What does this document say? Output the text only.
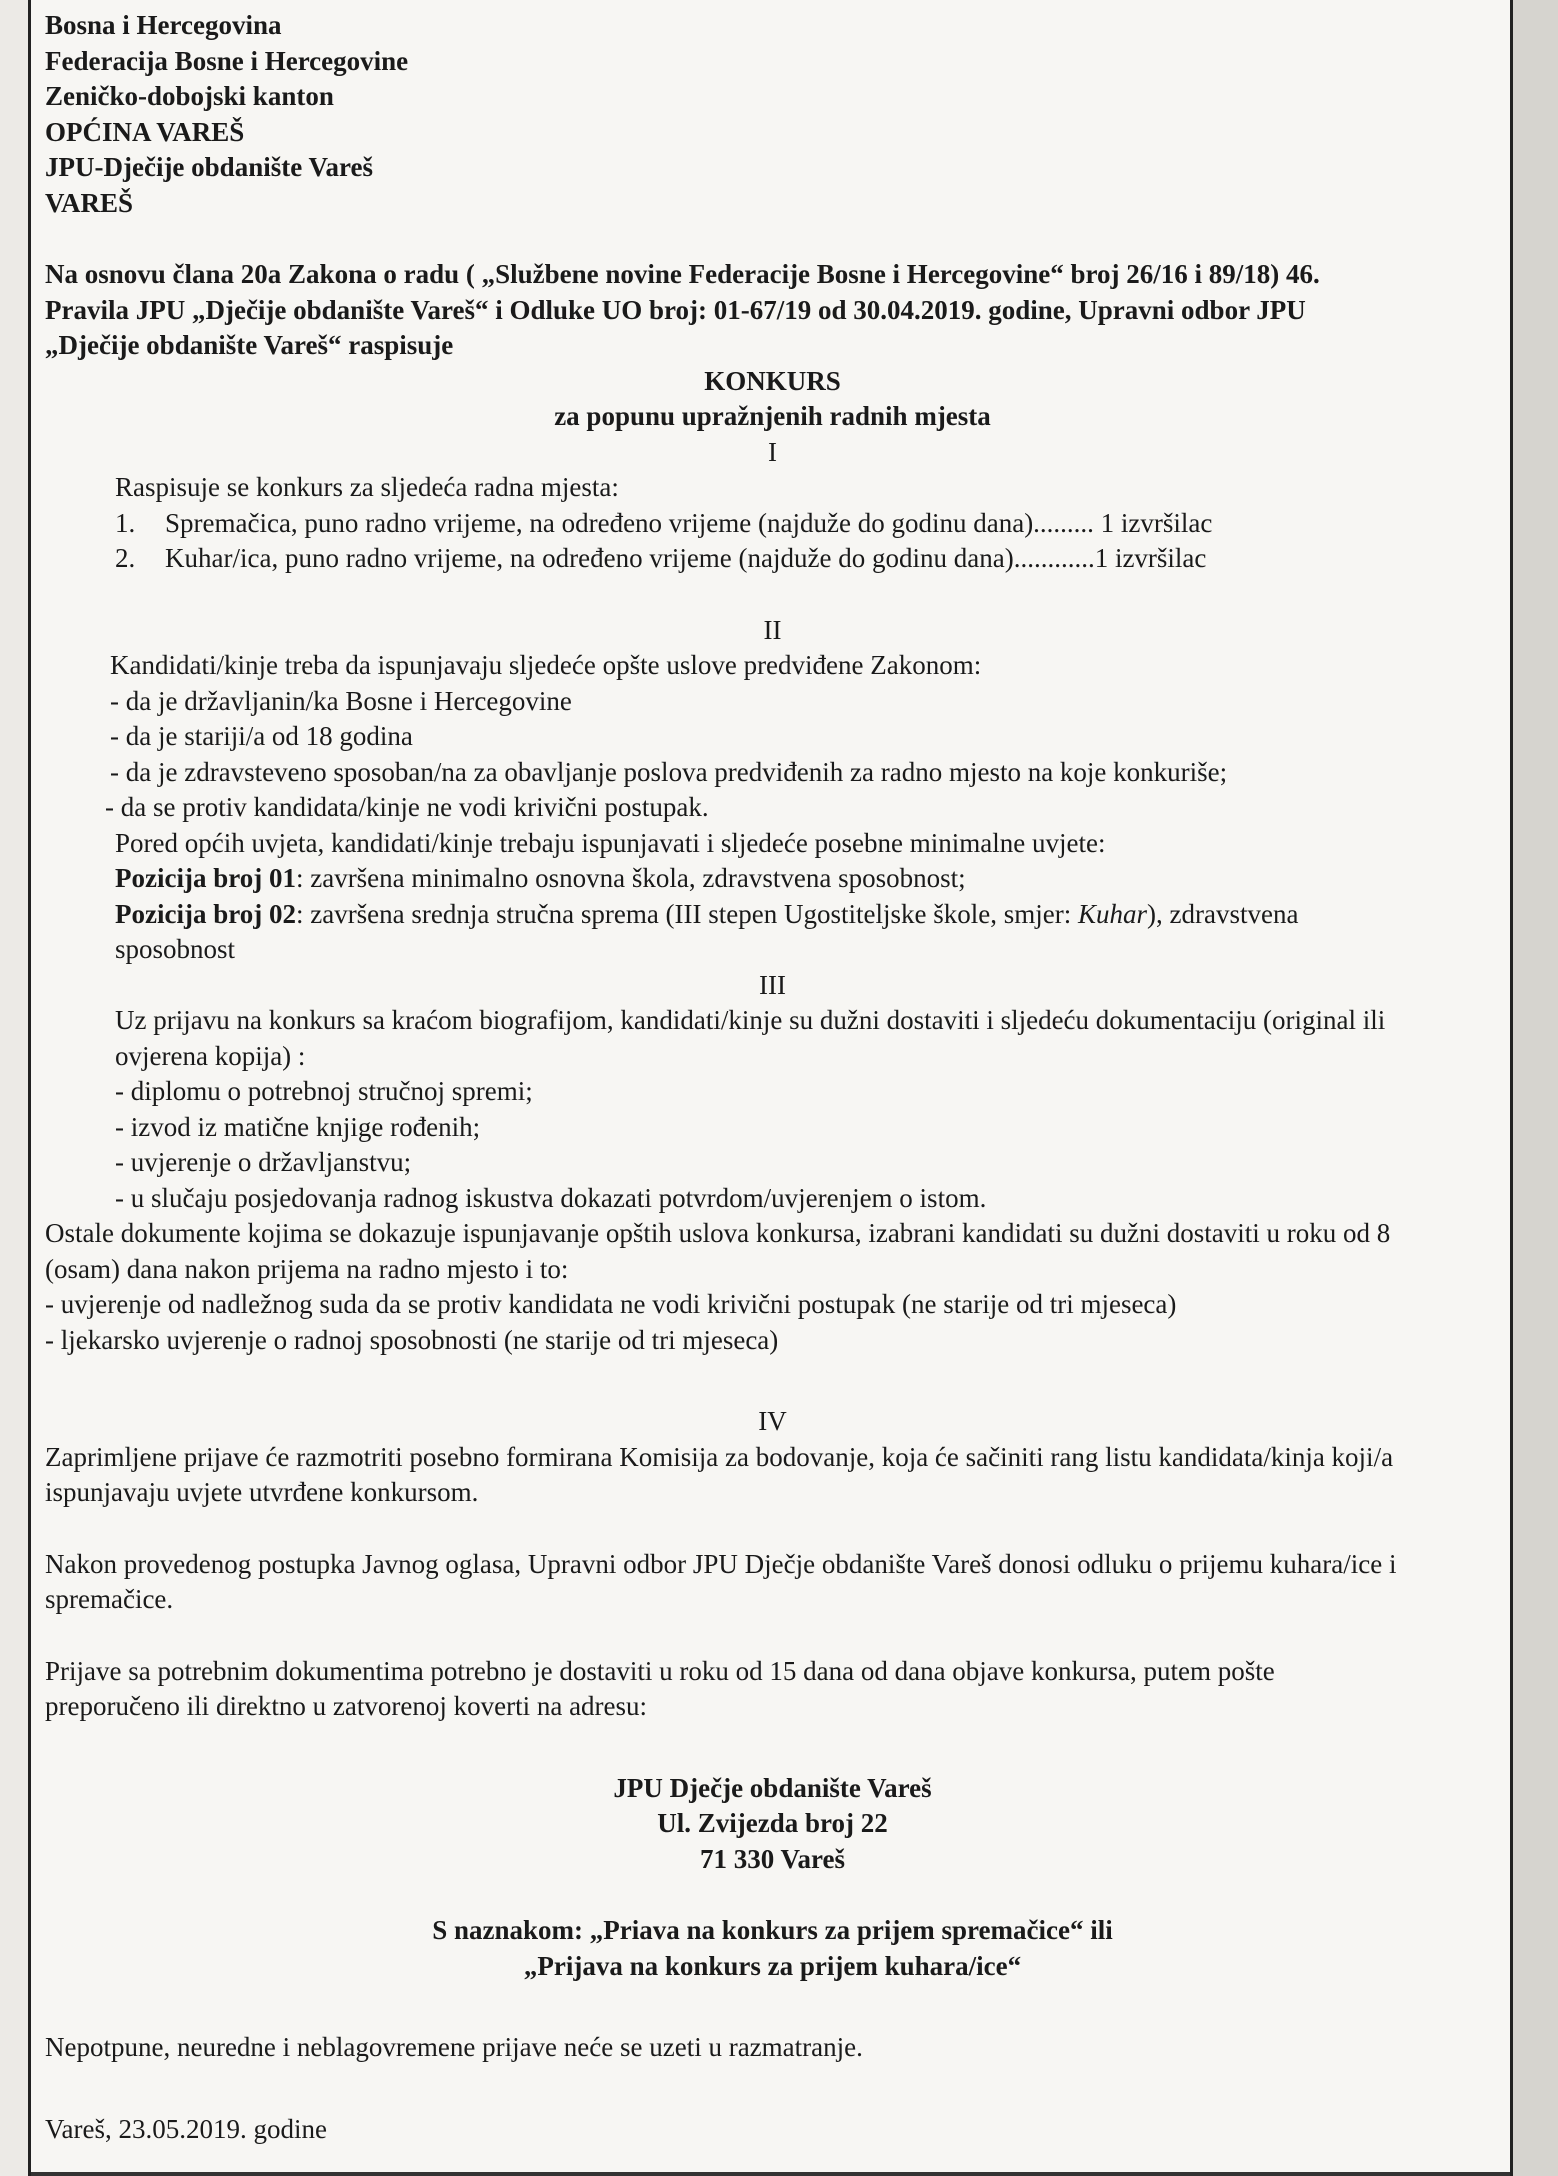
Bosna i Hercegovina
Federacija Bosne i Hercegovine
Zeničko-dobojski kanton
OPĆINA VAREŠ
JPU-Dječije obdanište Vareš
VAREŠ
Na osnovu člana 20a Zakona o radu ( „Službene novine Federacije Bosne i Hercegovine“ broj 26/16 i 89/18) 46.
Pravila JPU „Dječije obdanište Vareš“ i Odluke UO broj: 01-67/19 od 30.04.2019. godine, Upravni odbor JPU
„Dječije obdanište Vareš“ raspisuje
KONKURS
za popunu upražnjenih radnih mjesta
I
Raspisuje se konkurs za sljedeća radna mjesta:
1. Spremačica, puno radno vrijeme, na određeno vrijeme (najduže do godinu dana)......... 1 izvršilac
2. Kuhar/ica, puno radno vrijeme, na određeno vrijeme (najduže do godinu dana)............1 izvršilac
II
Kandidati/kinje treba da ispunjavaju sljedeće opšte uslove predviđene Zakonom:
- da je državljanin/ka Bosne i Hercegovine
- da je stariji/a od 18 godina
- da je zdravsteveno sposoban/na za obavljanje poslova predviđenih za radno mjesto na koje konkuriše;
- da se protiv kandidata/kinje ne vodi krivični postupak.
Pored općih uvjeta, kandidati/kinje trebaju ispunjavati i sljedeće posebne minimalne uvjete:
Pozicija broj 01: završena minimalno osnovna škola, zdravstvena sposobnost;
Pozicija broj 02: završena srednja stručna sprema (III stepen Ugostiteljske škole, smjer: Kuhar), zdravstvena
sposobnost
III
Uz prijavu na konkurs sa kraćom biografijom, kandidati/kinje su dužni dostaviti i sljedeću dokumentaciju (original ili
ovjerena kopija) :
- diplomu o potrebnoj stručnoj spremi;
- izvod iz matične knjige rođenih;
- uvjerenje o državljanstvu;
- u slučaju posjedovanja radnog iskustva dokazati potvrdom/uvjerenjem o istom.
Ostale dokumente kojima se dokazuje ispunjavanje opštih uslova konkursa, izabrani kandidati su dužni dostaviti u roku od 8
(osam) dana nakon prijema na radno mjesto i to:
- uvjerenje od nadležnog suda da se protiv kandidata ne vodi krivični postupak (ne starije od tri mjeseca)
- ljekarsko uvjerenje o radnoj sposobnosti (ne starije od tri mjeseca)
IV
Zaprimljene prijave će razmotriti posebno formirana Komisija za bodovanje, koja će sačiniti rang listu kandidata/kinja koji/a
ispunjavaju uvjete utvrđene konkursom.
Nakon provedenog postupka Javnog oglasa, Upravni odbor JPU Dječje obdanište Vareš donosi odluku o prijemu kuhara/ice i
spremačice.
Prijave sa potrebnim dokumentima potrebno je dostaviti u roku od 15 dana od dana objave konkursa, putem pošte
preporučeno ili direktno u zatvorenoj koverti na adresu:
JPU Dječje obdanište Vareš
Ul. Zvijezda broj 22
71 330 Vareš
S naznakom: „Priava na konkurs za prijem spremačice“ ili
„Prijava na konkurs za prijem kuhara/ice“
Nepotpune, neuredne i neblagovremene prijave neće se uzeti u razmatranje.
Vareš, 23.05.2019. godine
